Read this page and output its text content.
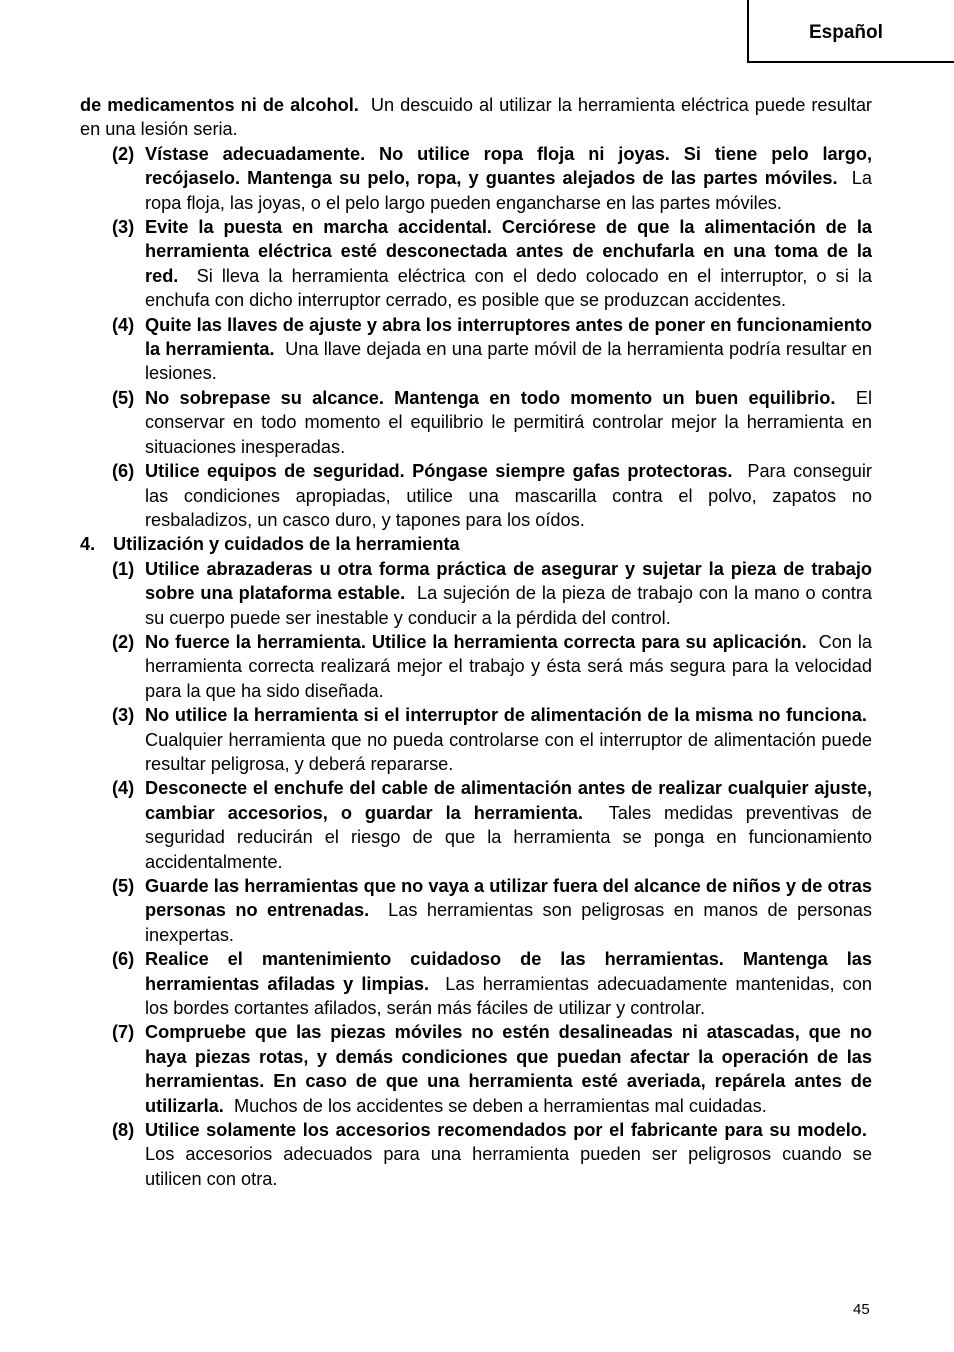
Español

de medicamentos ni de alcohol. Un descuido al utilizar la herramienta eléctrica puede resultar en una lesión seria.

(2) Vístase adecuadamente. No utilice ropa floja ni joyas. Si tiene pelo largo, recójaselo. Mantenga su pelo, ropa, y guantes alejados de las partes móviles. La ropa floja, las joyas, o el pelo largo pueden engancharse en las partes móviles.
(3) Evite la puesta en marcha accidental. Cerciórese de que la alimentación de la herramienta eléctrica esté desconectada antes de enchufarla en una toma de la red. Si lleva la herramienta eléctrica con el dedo colocado en el interruptor, o si la enchufa con dicho interruptor cerrado, es posible que se produzcan accidentes.
(4) Quite las llaves de ajuste y abra los interruptores antes de poner en funcionamiento la herramienta. Una llave dejada en una parte móvil de la herramienta podría resultar en lesiones.
(5) No sobrepase su alcance. Mantenga en todo momento un buen equilibrio. El conservar en todo momento el equilibrio le permitirá controlar mejor la herramienta en situaciones inesperadas.
(6) Utilice equipos de seguridad. Póngase siempre gafas protectoras. Para conseguir las condiciones apropiadas, utilice una mascarilla contra el polvo, zapatos no resbaladizos, un casco duro, y tapones para los oídos.
4. Utilización y cuidados de la herramienta
(1) Utilice abrazaderas u otra forma práctica de asegurar y sujetar la pieza de trabajo sobre una plataforma estable. La sujeción de la pieza de trabajo con la mano o contra su cuerpo puede ser inestable y conducir a la pérdida del control.
(2) No fuerce la herramienta. Utilice la herramienta correcta para su aplicación. Con la herramienta correcta realizará mejor el trabajo y ésta será más segura para la velocidad para la que ha sido diseñada.
(3) No utilice la herramienta si el interruptor de alimentación de la misma no funciona.  Cualquier herramienta que no pueda controlarse con el interruptor de alimentación puede resultar peligrosa, y deberá repararse.
(4) Desconecte el enchufe del cable de alimentación antes de realizar cualquier ajuste, cambiar accesorios, o guardar la herramienta. Tales medidas preventivas de seguridad reducirán el riesgo de que la herramienta se ponga en funcionamiento accidentalmente.
(5) Guarde las herramientas que no vaya a utilizar fuera del alcance de niños y de otras personas no entrenadas. Las herramientas son peligrosas en manos de personas inexpertas.
(6) Realice el mantenimiento cuidadoso de las herramientas. Mantenga las herramientas afiladas y limpias. Las herramientas adecuadamente mantenidas, con los bordes cortantes afilados, serán más fáciles de utilizar y controlar.
(7) Compruebe que las piezas móviles no estén desalineadas ni atascadas, que no haya piezas rotas, y demás condiciones que puedan afectar la operación de las herramientas. En caso de que una herramienta esté averiada, repárela antes de utilizarla. Muchos de los accidentes se deben a herramientas mal cuidadas.
(8) Utilice solamente los accesorios recomendados por el fabricante para su modelo.  Los accesorios adecuados para una herramienta pueden ser peligrosos cuando se utilicen con otra.
45
